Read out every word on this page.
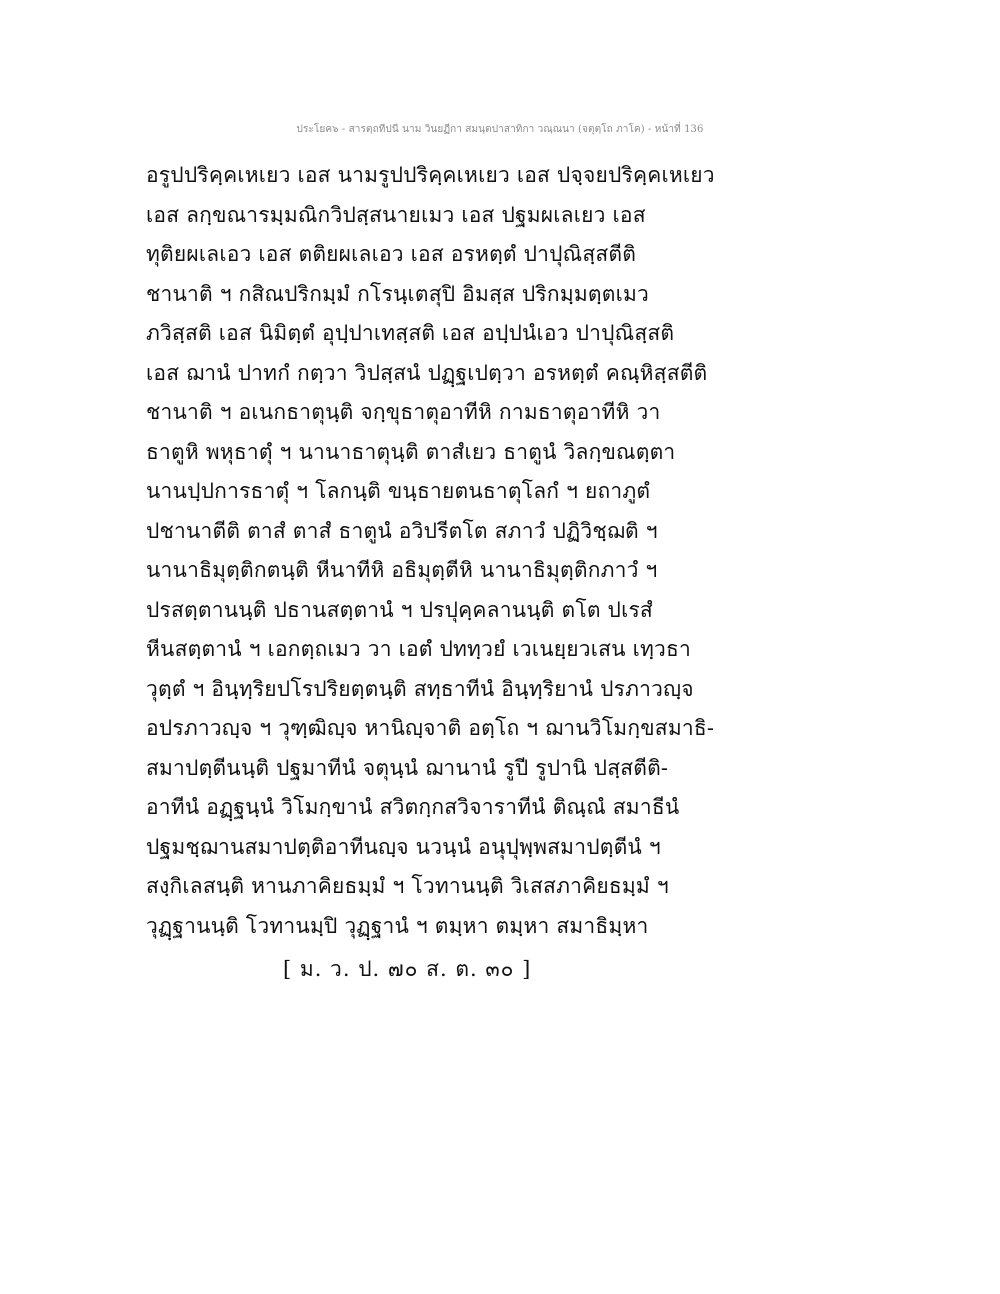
ประโยค๖ - สารตฺถทีปนี นาม วินยฏีกา สมนฺตปาสาทิกา วณฺณนา (จตุตฺโถ ภาโค) - หน้าที่ 136
อรูปปริคฺคเหเยว เอส นามรูปปริคฺคเหเยว เอส ปจฺจยปริคฺคเหเยว
เอส ลกฺขณารมฺมณิกวิปสฺสนายเมว เอส ปฐมผเลเยว เอส
ทุติยผเลเอว เอส ตติยผเลเอว เอส อรหตฺตํ ปาปุณิสฺสตีติ
ชานาติ ฯ กสิณปริกมฺมํ กโรนฺเตสุปิ อิมสฺส ปริกมฺมตฺตเมว
ภวิสฺสติ เอส นิมิตฺตํ อุปฺปาเทสฺสติ เอส อปฺปนํเอว ปาปุณิสฺสติ
เอส ฌานํ ปาทกํ กตฺวา วิปสฺสนํ ปฏฺฐเปตฺวา อรหตฺตํ คณฺหิสฺสตีติ
ชานาติ ฯ อเนกธาตุนฺติ จกฺขุธาตุอาทีหิ กามธาตุอาทีหิ วา
ธาตูหิ พหุธาตุํ ฯ นานาธาตุนฺติ ตาสํเยว ธาตูนํ วิลกฺขณตฺตา
นานปฺปการธาตุํ ฯ โลกนฺติ ขนฺธายตนธาตุโลกํ ฯ ยถาภูตํ
ปชานาตีติ ตาสํ ตาสํ ธาตูนํ อวิปรีตโต สภาวํ ปฏิวิชฺฌติ ฯ
นานาธิมุตฺติกตนฺติ หีนาทีหิ อธิมุตฺตีหิ นานาธิมุตฺติกภาวํ ฯ
ปรสตฺตานนฺติ ปธานสตฺตานํ ฯ ปรปุคฺคลานนฺติ ตโต ปเรสํ
หีนสตฺตานํ ฯ เอกตฺถเมว วา เอตํ ปททฺวยํ เวเนยฺยวเสน เทฺวธา
วุตฺตํ ฯ อินฺทฺริยปโรปริยตฺตนฺติ สทฺธาทีนํ อินฺทฺริยานํ ปรภาวญฺจ
อปรภาวญฺจ ฯ วุฑฺฒิญฺจ หานิญฺจาติ อตฺโถ ฯ ฌานวิโมกฺขสมาธิ-
สมาปตฺตีนนฺติ ปฐมาทีนํ จตุนฺนํ ฌานานํ รูปี รูปานิ ปสฺสตีติ-
อาทีนํ อฏฺฐนฺนํ วิโมกฺขานํ สวิตกฺกสวิจาราทีนํ ติณฺณํ สมาธีนํ
ปฐมชฺฌานสมาปตฺติอาทีนญฺจ นวนฺนํ อนุปุพฺพสมาปตฺตีนํ ฯ
สงฺกิเลสนฺติ หานภาคิยธมฺมํ ฯ โวทานนฺติ วิเสสภาคิยธมฺมํ ฯ
วุฏฺฐานนฺติ โวทานมฺปิ วุฏฺฐานํ ฯ ตมฺหา ตมฺหา สมาธิมฺหา
[ ม. ว. ป. ๗๐ ส. ต. ๓๐ ]
